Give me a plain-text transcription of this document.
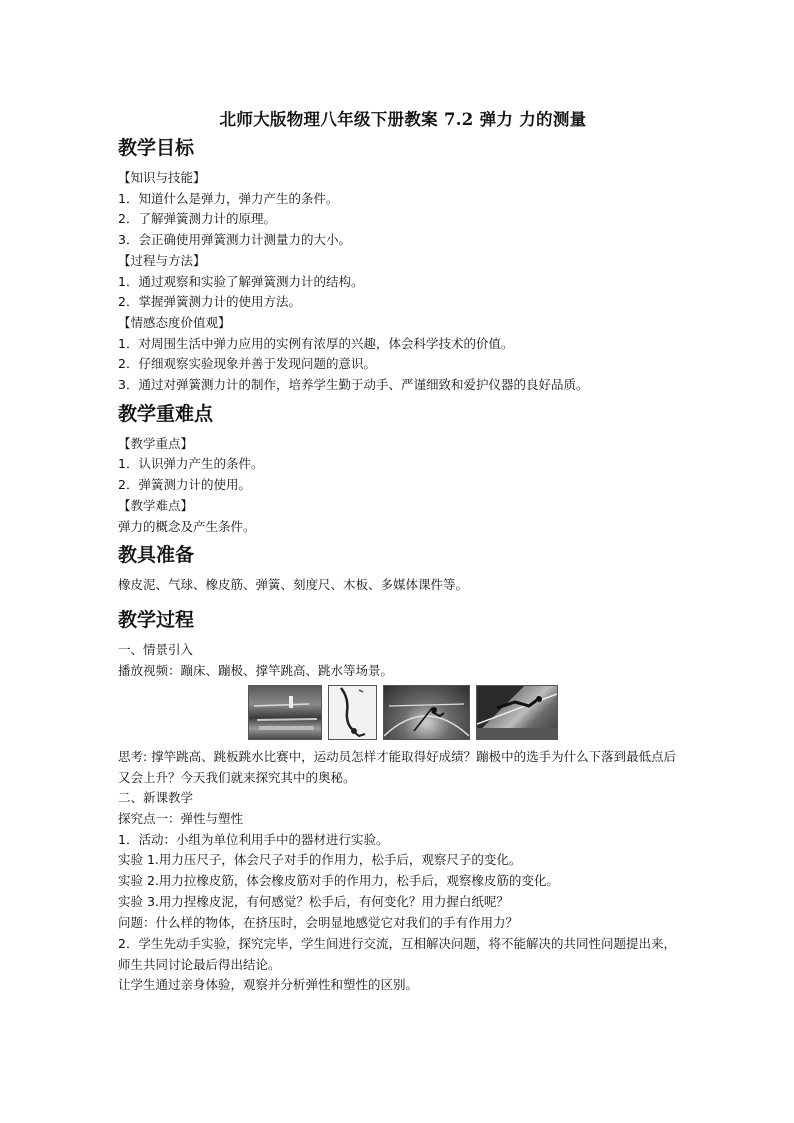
北师大版物理八年级下册教案 7.2 弹力 力的测量
教学目标

【知识与技能】

1．知道什么是弹力，弹力产生的条件。

2．了解弹簧测力计的原理。

3．会正确使用弹簧测力计测量力的大小。

【过程与方法】

1．通过观察和实验了解弹簧测力计的结构。

2．掌握弹簧测力计的使用方法。

【情感态度价值观】

1．对周围生活中弹力应用的实例有浓厚的兴趣，体会科学技术的价值。

2．仔细观察实验现象并善于发现问题的意识。

3．通过对弹簧测力计的制作，培养学生勤于动手、严谨细致和爱护仪器的良好品质。

教学重难点

【教学重点】

1．认识弹力产生的条件。

2．弹簧测力计的使用。

【教学难点】

弹力的概念及产生条件。

教具准备

橡皮泥、气球、橡皮筋、弹簧、刻度尺、木板、多媒体课件等。

教学过程

一、情景引入

播放视频：蹦床、蹦极、撑竿跳高、跳水等场景。

思考: 撑竿跳高、跳板跳水比赛中，运动员怎样才能取得好成绩？蹦极中的选手为什么下落到最低点后又会上升？今天我们就来探究其中的奥秘。

二、新课教学

探究点一：弹性与塑性

1．活动：小组为单位利用手中的器材进行实验。

实验 1.用力压尺子，体会尺子对手的作用力，松手后，观察尺子的变化。

实验 2.用力拉橡皮筋，体会橡皮筋对手的作用力，松手后，观察橡皮筋的变化。

实验 3.用力捏橡皮泥，有何感觉？松手后，有何变化？用力握白纸呢？

问题：什么样的物体，在挤压时，会明显地感觉它对我们的手有作用力？

2．学生先动手实验，探究完毕，学生间进行交流，互相解决问题，将不能解决的共同性问题提出来，师生共同讨论最后得出结论。

让学生通过亲身体验，观察并分析弹性和塑性的区别。
